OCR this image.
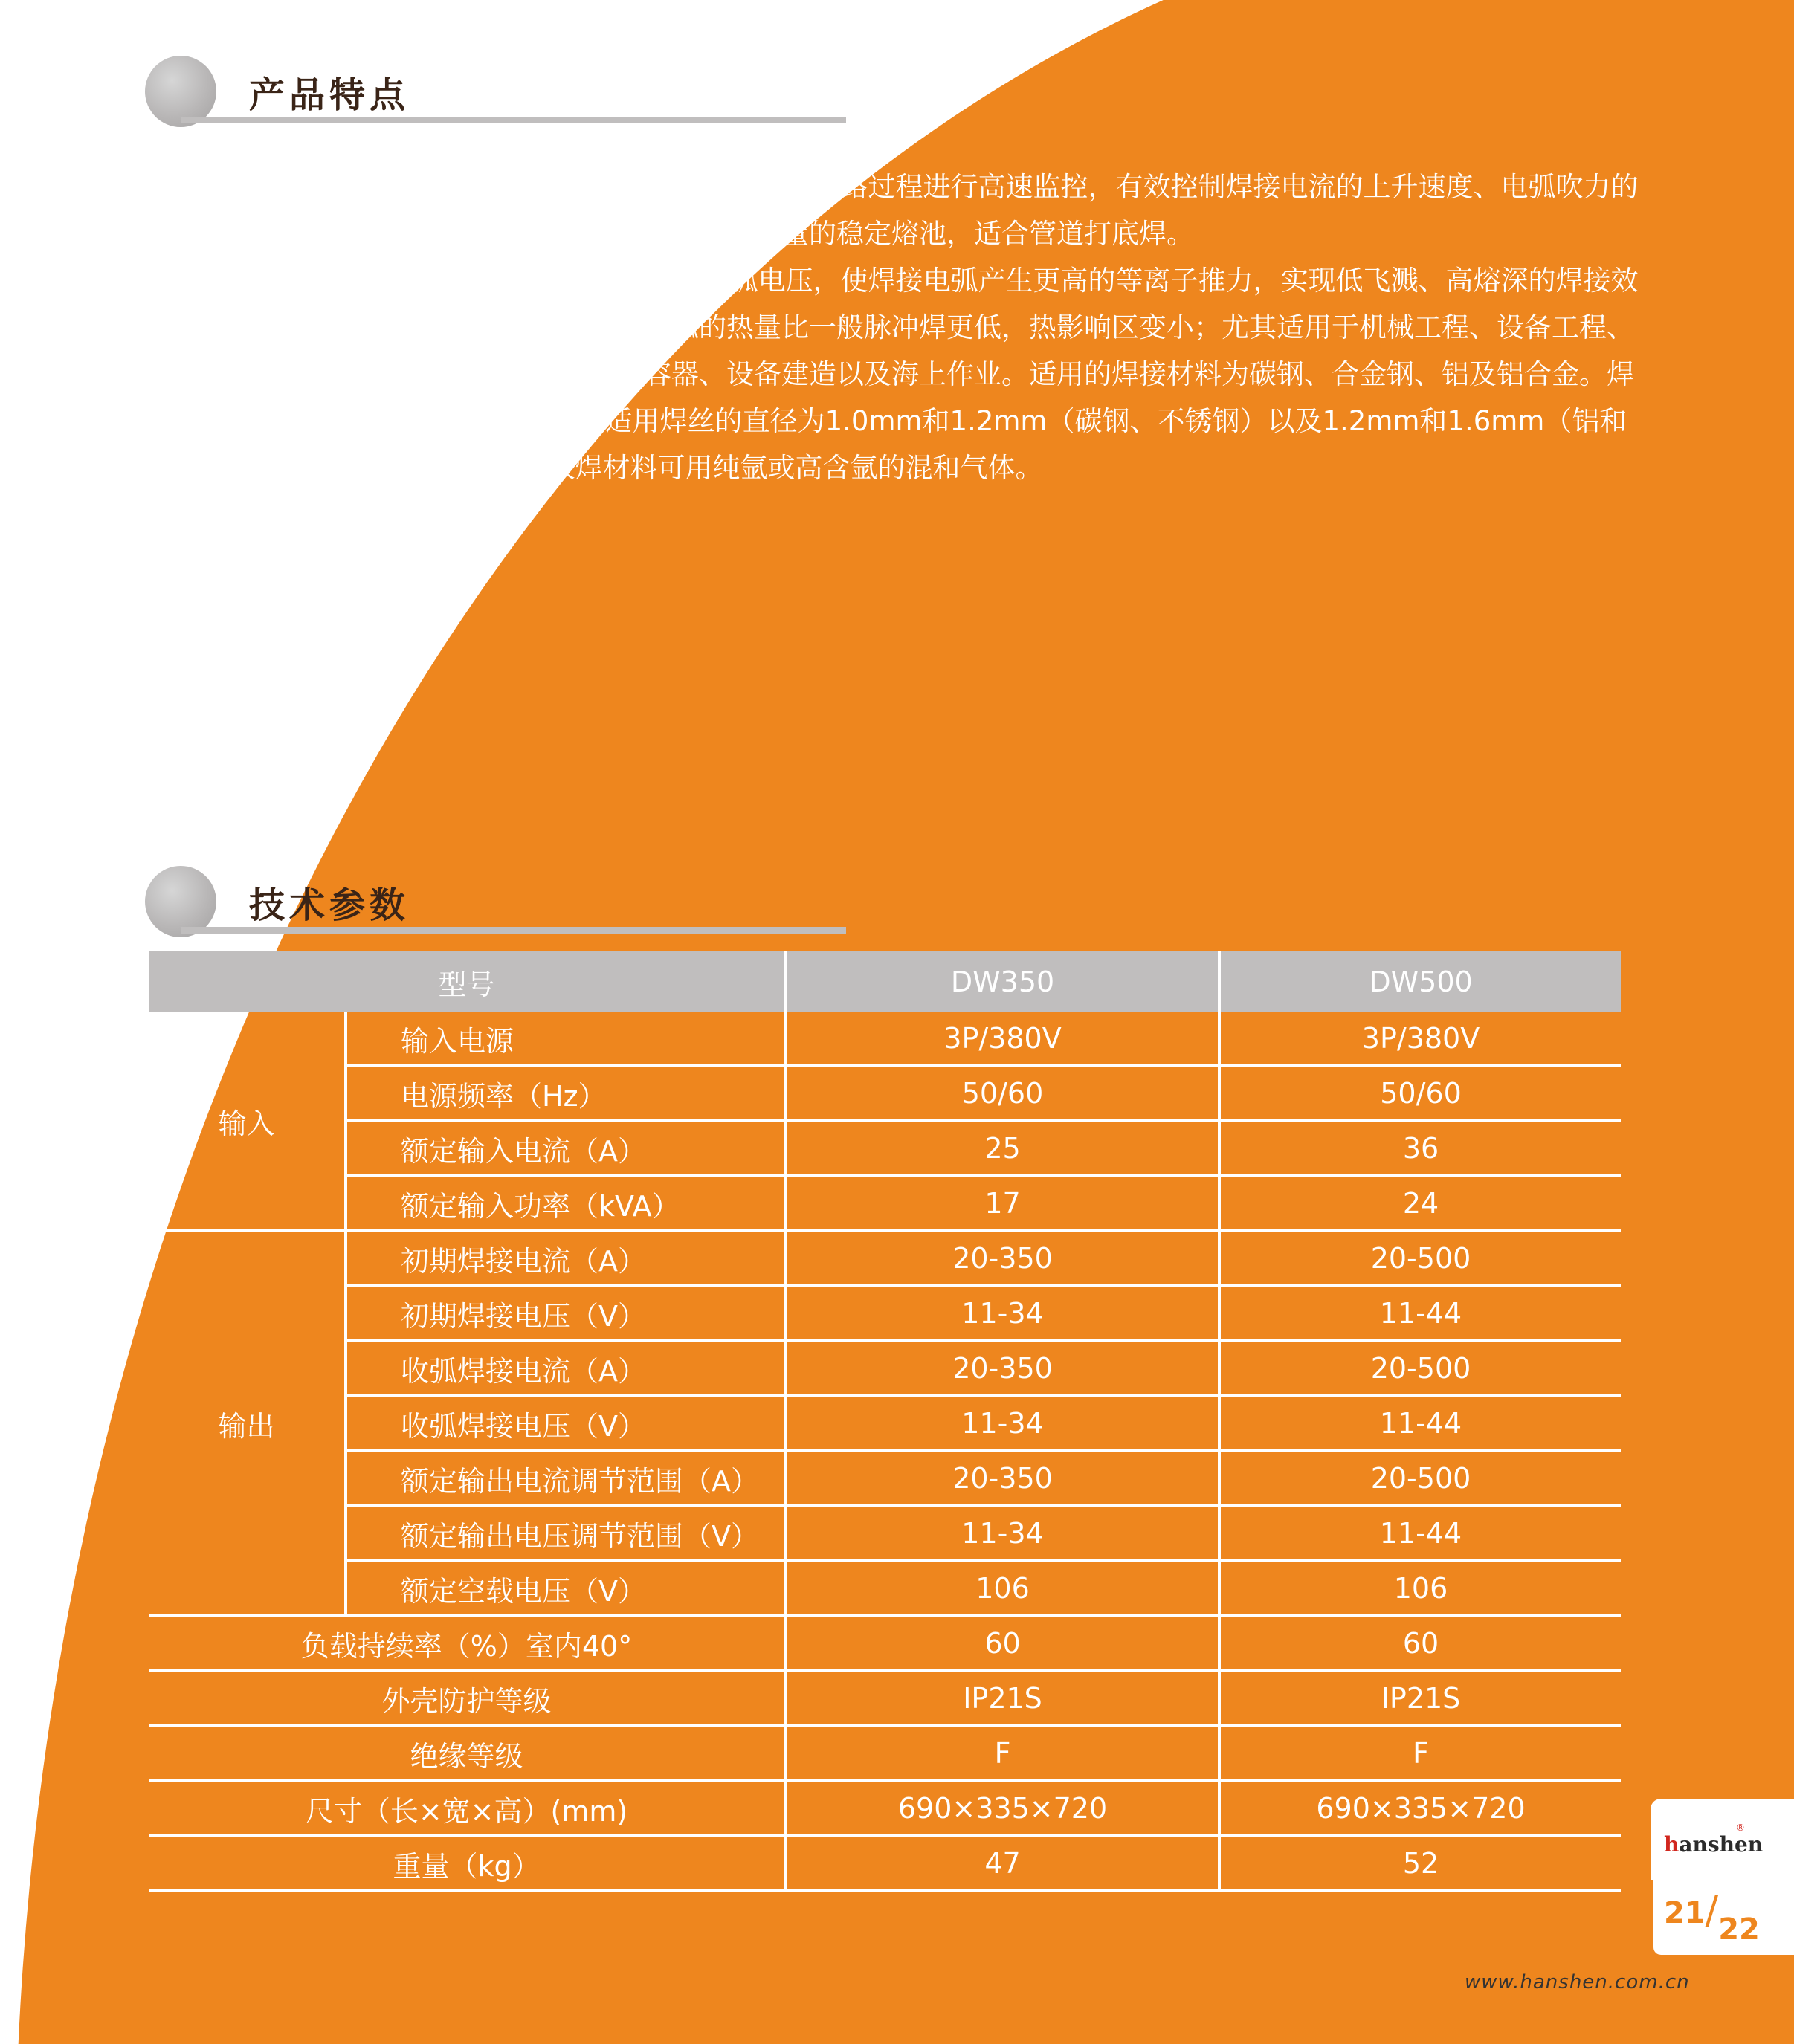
产品特点
1、根焊功能：全新的数字化处理办法，对焊丝短路过程进行高速监控，有效控制焊接电流的上升速度、电弧吹力的大小，熔滴过渡迅速且有规律，形成高质量的稳定熔池，适合管道打底焊。
2、深透焊功能：通过降低喷射过渡的电弧电压，使焊接电弧产生更高的等离子推力，实现低飞溅、高熔深的焊接效果；同时电弧的指向性更好，电弧的热量比一般脉冲焊更低，热影响区变小；尤其适用于机械工程、设备工程、钢结构、造船业、容器、高压容器、设备建造以及海上作业。适用的焊接材料为碳钢、合金钢、铝及铝合金。焊材厚度一般在5mm以上。适用焊丝的直径为1.0mm和1.2mm（碳钢、不锈钢）以及1.2mm和1.6mm（铝和铝合金）。保护气根据被焊材料可用纯氩或高含氩的混和气体。
技术参数
型号		DW350	DW500
输入	输入电源	3P/380V	3P/380V
	电源频率（Hz）	50/60	50/60
	额定输入电流（A）	25	36
	额定输入功率（kVA）	17	24
输出	初期焊接电流（A）	20-350	20-500
	初期焊接电压（V）	11-34	11-44
	收弧焊接电流（A）	20-350	20-500
	收弧焊接电压（V）	11-34	11-44
	额定输出电流调节范围（A）	20-350	20-500
	额定输出电压调节范围（V）	11-34	11-44
	额定空载电压（V）	106	106
负载持续率（%）室内40°		60	60
外壳防护等级		IP21S	IP21S
绝缘等级		F	F
尺寸（长×宽×高）(mm)		690×335×720	690×335×720
重量（kg）		47	52
hanshen
®
21/22
www.hanshen.com.cn
